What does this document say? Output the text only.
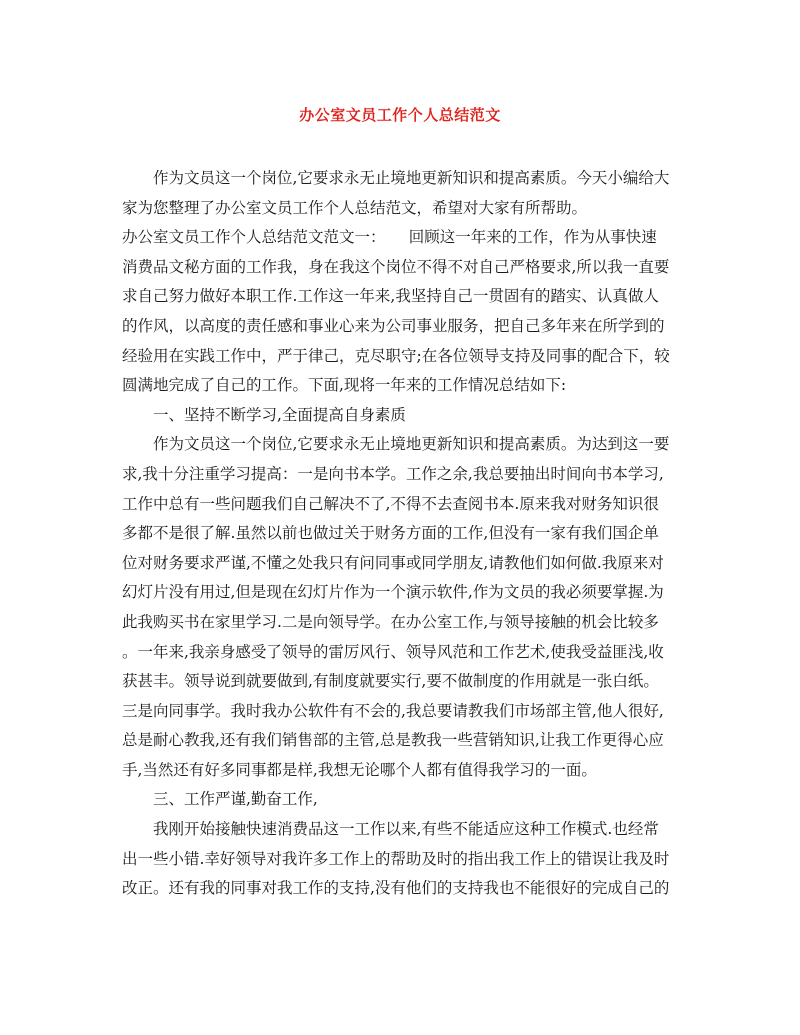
办公室文员工作个人总结范文
作为文员这一个岗位,它要求永无止境地更新知识和提高素质。今天小编给大
家为您整理了办公室文员工作个人总结范文，希望对大家有所帮助。
办公室文员工作个人总结范文范文一：　　回顾这一年来的工作，作为从事快速
消费品文秘方面的工作我，身在我这个岗位不得不对自己严格要求,所以我一直要
求自己努力做好本职工作.工作这一年来,我坚持自己一贯固有的踏实、认真做人
的作风，以高度的责任感和事业心来为公司事业服务，把自己多年来在所学到的
经验用在实践工作中，严于律己，克尽职守;在各位领导支持及同事的配合下，较
圆满地完成了自己的工作。下面,现将一年来的工作情况总结如下:
一、坚持不断学习,全面提高自身素质
作为文员这一个岗位,它要求永无止境地更新知识和提高素质。为达到这一要
求,我十分注重学习提高：一是向书本学。工作之余,我总要抽出时间向书本学习,
工作中总有一些问题我们自己解决不了,不得不去查阅书本.原来我对财务知识很
多都不是很了解.虽然以前也做过关于财务方面的工作,但没有一家有我们国企单
位对财务要求严谨,不懂之处我只有问同事或同学朋友,请教他们如何做.我原来对
幻灯片没有用过,但是现在幻灯片作为一个演示软件,作为文员的我必须要掌握.为
此我购买书在家里学习.二是向领导学。在办公室工作,与领导接触的机会比较多
。一年来,我亲身感受了领导的雷厉风行、领导风范和工作艺术,使我受益匪浅,收
获甚丰。领导说到就要做到,有制度就要实行,要不做制度的作用就是一张白纸。
三是向同事学。我时我办公软件有不会的,我总要请教我们市场部主管,他人很好,
总是耐心教我,还有我们销售部的主管,总是教我一些营销知识,让我工作更得心应
手,当然还有好多同事都是样,我想无论哪个人都有值得我学习的一面。
三、工作严谨,勤奋工作,
我刚开始接触快速消费品这一工作以来,有些不能适应这种工作模式.也经常
出一些小错.幸好领导对我许多工作上的帮助及时的指出我工作上的错误让我及时
改正。还有我的同事对我工作的支持,没有他们的支持我也不能很好的完成自己的
